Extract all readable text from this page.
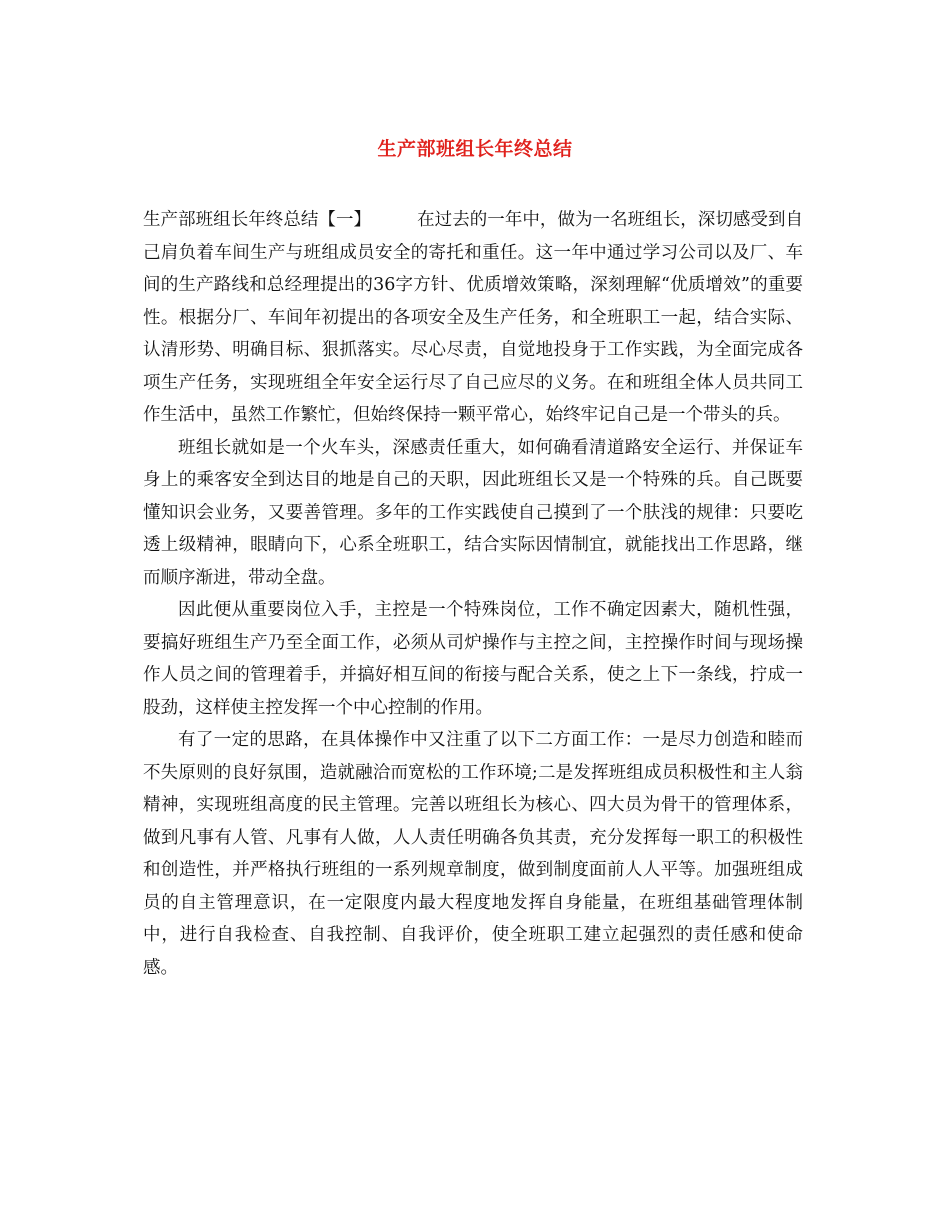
生产部班组长年终总结

生产部班组长年终总结【一】	在过去的一年中，做为一名班组长，深切感受到自己肩负着车间生产与班组成员安全的寄托和重任。这一年中通过学习公司以及厂、车间的生产路线和总经理提出的36字方针、优质增效策略，深刻理解“优质增效”的重要性。根据分厂、车间年初提出的各项安全及生产任务，和全班职工一起，结合实际、认清形势、明确目标、狠抓落实。尽心尽责，自觉地投身于工作实践，为全面完成各项生产任务，实现班组全年安全运行尽了自己应尽的义务。在和班组全体人员共同工作生活中，虽然工作繁忙，但始终保持一颗平常心，始终牢记自己是一个带头的兵。

班组长就如是一个火车头，深感责任重大，如何确看清道路安全运行、并保证车身上的乘客安全到达目的地是自己的天职，因此班组长又是一个特殊的兵。自己既要懂知识会业务，又要善管理。多年的工作实践使自己摸到了一个肤浅的规律：只要吃透上级精神，眼睛向下，心系全班职工，结合实际因情制宜，就能找出工作思路，继而顺序渐进，带动全盘。

因此便从重要岗位入手，主控是一个特殊岗位，工作不确定因素大，随机性强，要搞好班组生产乃至全面工作，必须从司炉操作与主控之间，主控操作时间与现场操作人员之间的管理着手，并搞好相互间的衔接与配合关系，使之上下一条线，拧成一股劲，这样使主控发挥一个中心控制的作用。

有了一定的思路，在具体操作中又注重了以下二方面工作：一是尽力创造和睦而不失原则的良好氛围，造就融洽而宽松的工作环境;二是发挥班组成员积极性和主人翁精神，实现班组高度的民主管理。完善以班组长为核心、四大员为骨干的管理体系，做到凡事有人管、凡事有人做，人人责任明确各负其责，充分发挥每一职工的积极性和创造性，并严格执行班组的一系列规章制度，做到制度面前人人平等。加强班组成员的自主管理意识，在一定限度内最大程度地发挥自身能量，在班组基础管理体制中，进行自我检查、自我控制、自我评价，使全班职工建立起强烈的责任感和使命感。
